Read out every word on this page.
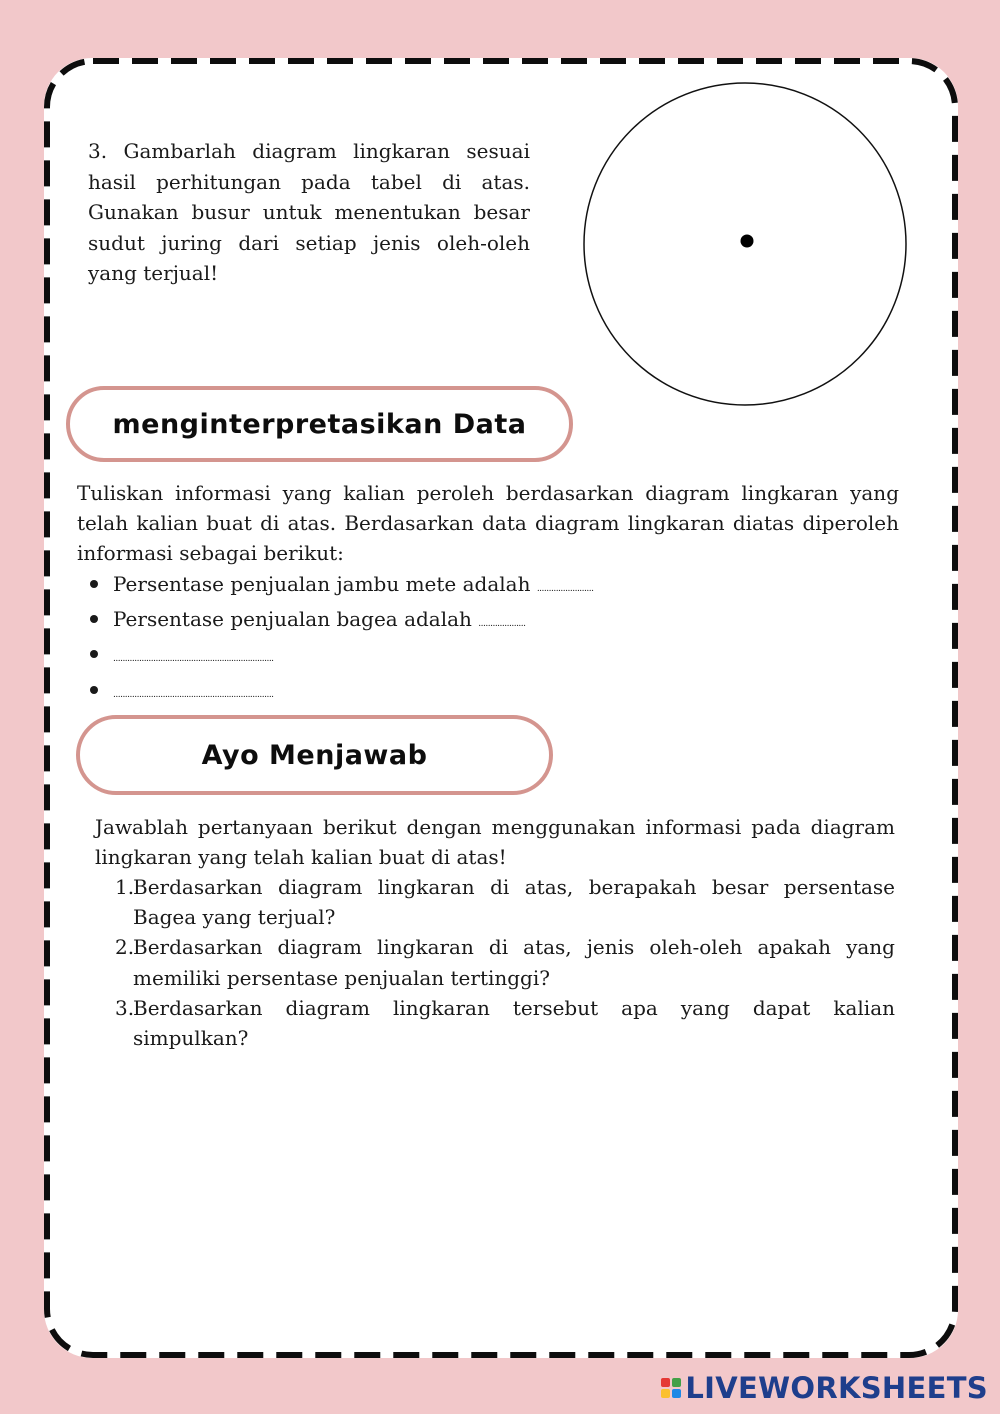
3. Gambarlah diagram lingkaran sesuai hasil perhitungan pada tabel di atas. Gunakan busur untuk menentukan besar sudut juring dari setiap jenis oleh-oleh yang terjual!

menginterpretasikan Data

Tuliskan informasi yang kalian peroleh berdasarkan diagram lingkaran yang telah kalian buat di atas. Berdasarkan data diagram lingkaran diatas diperoleh informasi sebagai berikut:

Persentase penjualan jambu mete adalah ........................
Persentase penjualan bagea adalah ....................
....................................................................
....................................................................
Ayo Menjawab

Jawablah pertanyaan berikut dengan menggunakan informasi pada diagram lingkaran yang telah kalian buat di atas!

1.
Berdasarkan diagram lingkaran di atas, berapakah besar persentase Bagea yang terjual?
2.
Berdasarkan diagram lingkaran di atas, jenis oleh-oleh apakah yang memiliki persentase penjualan tertinggi?
3.
Berdasarkan diagram lingkaran tersebut apa yang dapat kalian simpulkan?
LIVEWORKSHEETS
